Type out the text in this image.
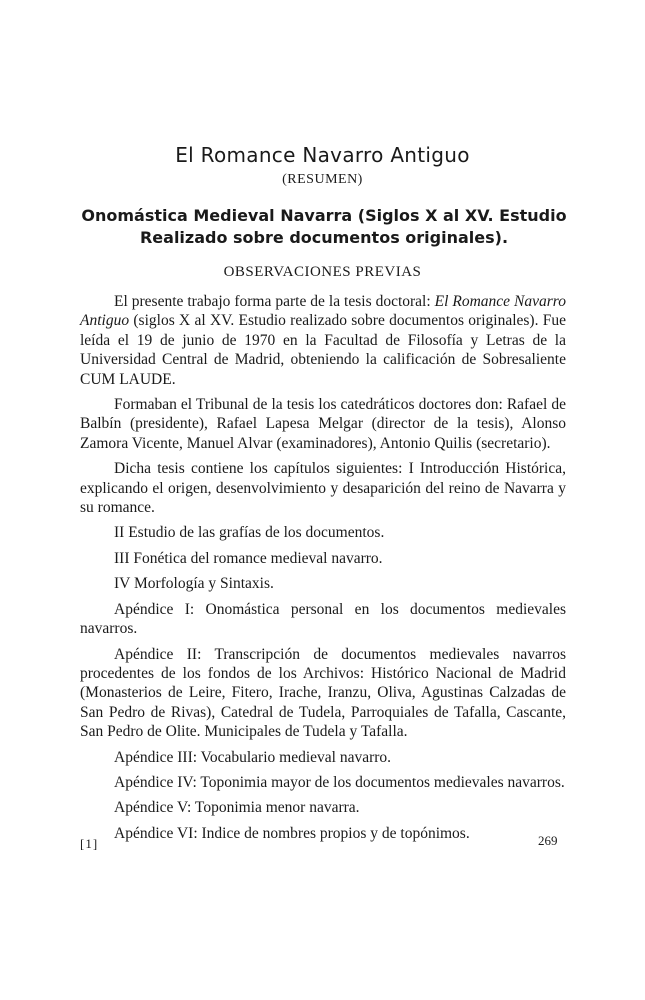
El Romance Navarro Antiguo
(RESUMEN)
Onomástica Medieval Navarra (Siglos X al XV. Estudio Realizado sobre documentos originales).
OBSERVACIONES PREVIAS

El presente trabajo forma parte de la tesis doctoral: El Romance Navarro Antiguo (siglos X al XV. Estudio realizado sobre documentos originales). Fue leída el 19 de junio de 1970 en la Facultad de Filosofía y Letras de la Universidad Central de Madrid, obteniendo la calificación de Sobresaliente CUM LAUDE.

Formaban el Tribunal de la tesis los catedráticos doctores don: Rafael de Balbín (presidente), Rafael Lapesa Melgar (director de la tesis), Alonso Zamora Vicente, Manuel Alvar (examinadores), Antonio Quilis (secretario).

Dicha tesis contiene los capítulos siguientes: I Introducción Histórica, explicando el origen, desenvolvimiento y desaparición del reino de Navarra y su romance.

II Estudio de las grafías de los documentos.

III Fonética del romance medieval navarro.

IV Morfología y Sintaxis.

Apéndice I: Onomástica personal en los documentos medievales navarros.

Apéndice II: Transcripción de documentos medievales navarros procedentes de los fondos de los Archivos: Histórico Nacional de Madrid (Monasterios de Leire, Fitero, Irache, Iranzu, Oliva, Agustinas Calzadas de San Pedro de Rivas), Catedral de Tudela, Parroquiales de Tafalla, Cascante, San Pedro de Olite. Municipales de Tudela y Tafalla.

Apéndice III: Vocabulario medieval navarro.

Apéndice IV: Toponimia mayor de los documentos medievales navarros.

Apéndice V: Toponimia menor navarra.

Apéndice VI: Indice de nombres propios y de topónimos.

[1]	269
